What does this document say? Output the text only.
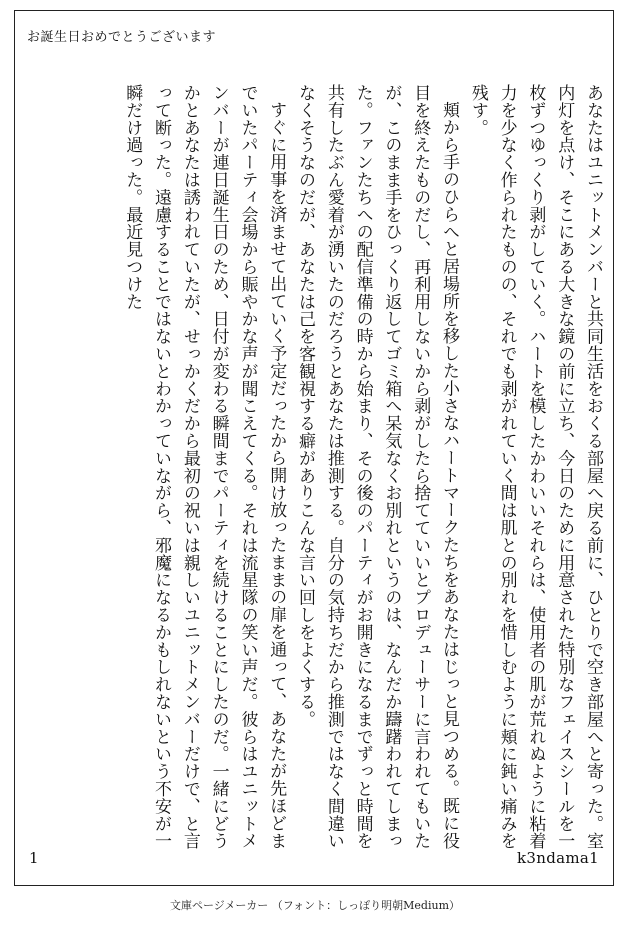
お誕生日おめでとうございます

あなたはユニットメンバーと共同生活をおくる部屋へ戻る前に、ひとりで空き部屋へと寄った。室内灯を点け、そこにある大きな鏡の前に立ち、今日のために用意された特別なフェイスシールを一枚ずつゆっくり剥がしていく。ハートを模したかわいいそれらは、使用者の肌が荒れぬように粘着力を少なく作られたものの、それでも剥がれていく間は肌との別れを惜しむように頬に鈍い痛みを残す。

頬から手のひらへと居場所を移した小さなハートマークたちをあなたはじっと見つめる。既に役目を終えたものだし、再利用しないから剥がしたら捨てていいとプロデューサーに言われてもいたが、このまま手をひっくり返してゴミ箱へ呆気なくお別れというのは、なんだか躊躇われてしまった。ファンたちへの配信準備の時から始まり、その後のパーティがお開きになるまでずっと時間を共有したぶん愛着が湧いたのだろうとあなたは推測する。自分の気持ちだから推測ではなく間違いなくそうなのだが、あなたは己を客観視する癖がありこんな言い回しをよくする。

すぐに用事を済ませて出ていく予定だったから開け放ったままの扉を通って、あなたが先ほどまでいたパーティ会場から賑やかな声が聞こえてくる。それは流星隊の笑い声だ。彼らはユニットメンバーが連日誕生日のため、日付が変わる瞬間までパーティを続けることにしたのだ。一緒にどうかとあなたは誘われていたが、せっかくだから最初の祝いは親しいユニットメンバーだけで、と言って断った。遠慮することではないとわかっていながら、邪魔になるかもしれないという不安が一瞬だけ過った。最近見つけた

1	k3ndama1
文庫ページメーカー （フォント：しっぽり明朝Medium）
